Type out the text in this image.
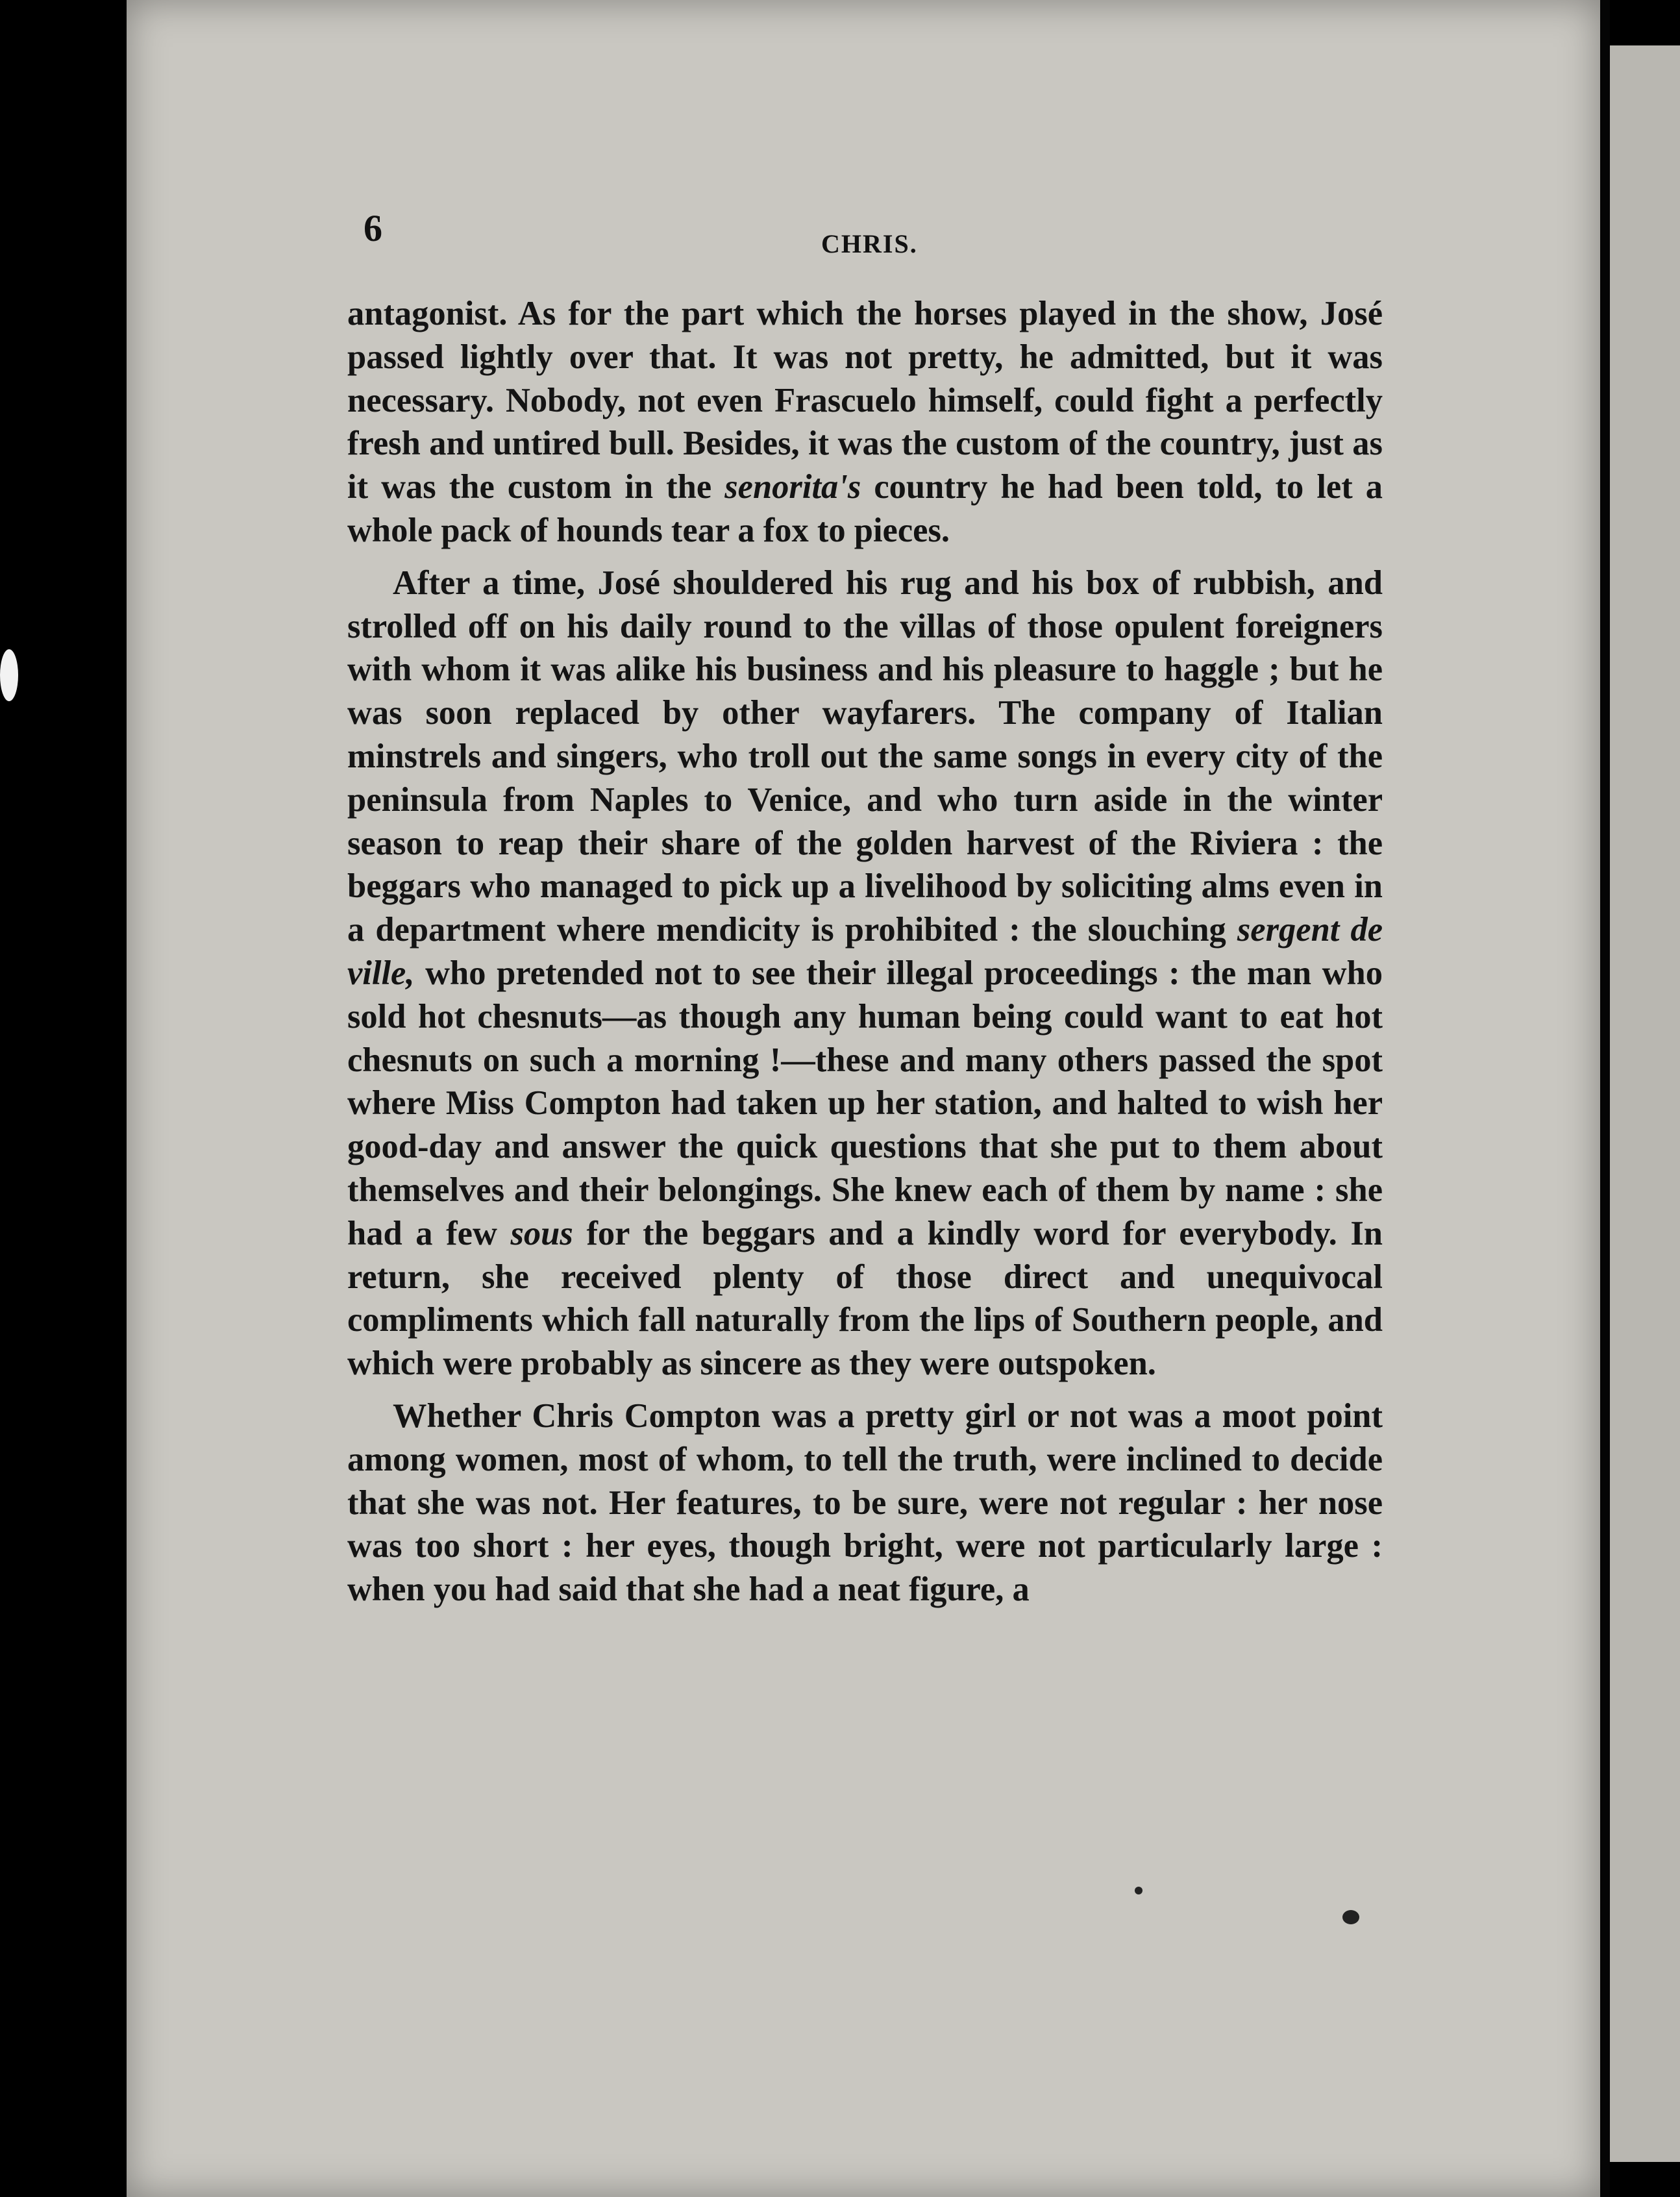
6	CHRIS.

antagonist. As for the part which the horses played in the show, José passed lightly over that. It was not pretty, he admitted, but it was necessary. Nobody, not even Frascuelo himself, could fight a perfectly fresh and untired bull. Besides, it was the custom of the country, just as it was the custom in the senorita's country he had been told, to let a whole pack of hounds tear a fox to pieces.

After a time, José shouldered his rug and his box of rubbish, and strolled off on his daily round to the villas of those opulent foreigners with whom it was alike his business and his pleasure to haggle ; but he was soon replaced by other wayfarers. The company of Italian minstrels and singers, who troll out the same songs in every city of the peninsula from Naples to Venice, and who turn aside in the winter season to reap their share of the golden harvest of the Riviera : the beggars who managed to pick up a livelihood by soliciting alms even in a department where mendicity is prohibited : the slouching sergent de ville, who pretended not to see their illegal proceedings : the man who sold hot chesnuts—as though any human being could want to eat hot chesnuts on such a morning !—these and many others passed the spot where Miss Compton had taken up her station, and halted to wish her good-day and answer the quick questions that she put to them about themselves and their belongings. She knew each of them by name : she had a few sous for the beggars and a kindly word for everybody. In return, she received plenty of those direct and unequivocal compliments which fall naturally from the lips of Southern people, and which were probably as sincere as they were outspoken.

Whether Chris Compton was a pretty girl or not was a moot point among women, most of whom, to tell the truth, were inclined to decide that she was not. Her features, to be sure, were not regular : her nose was too short : her eyes, though bright, were not particularly large : when you had said that she had a neat figure, a
